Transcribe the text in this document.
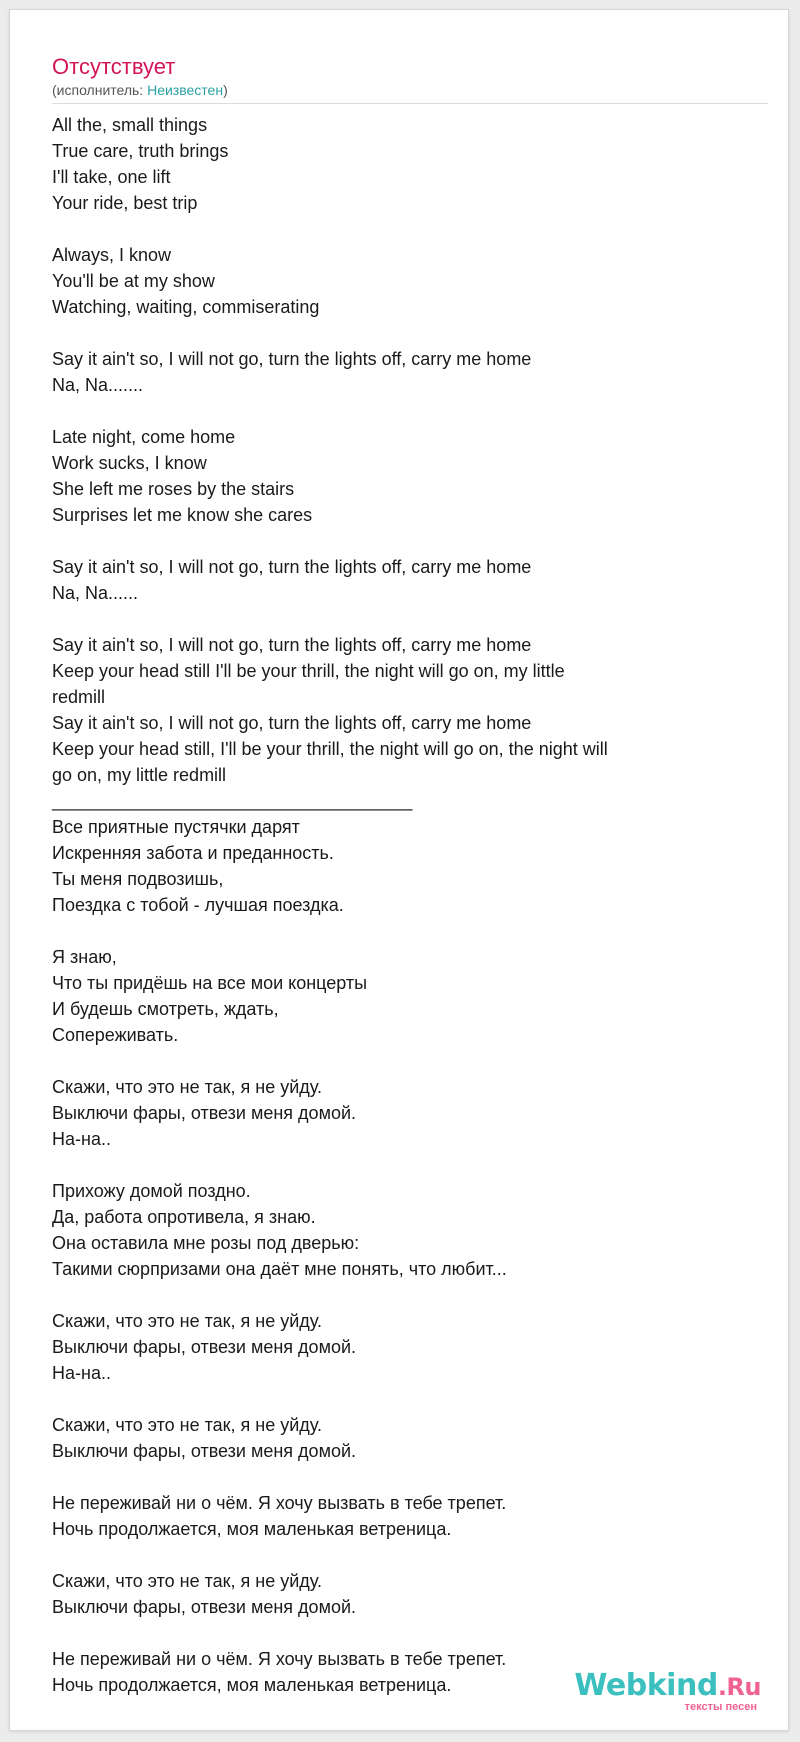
Отсутствует
(исполнитель: Неизвестен)
All the, small things
True care, truth brings
I'll take, one lift
Your ride, best trip
Always, I know
You'll be at my show
Watching, waiting, commiserating
Say it ain't so, I will not go, turn the lights off, carry me home
Na, Na.......
Late night, come home
Work sucks, I know
She left me roses by the stairs
Surprises let me know she cares
Say it ain't so, I will not go, turn the lights off, carry me home
Na, Na......
Say it ain't so, I will not go, turn the lights off, carry me home
Keep your head still I'll be your thrill, the night will go on, my little
redmill
Say it ain't so, I will not go, turn the lights off, carry me home
Keep your head still, I'll be your thrill, the night will go on, the night will
go on, my little redmill
____________________________________
Все приятные пустячки дарят
Искренняя забота и преданность.
Ты меня подвозишь,
Поездка с тобой - лучшая поездка.
Я знаю,
Что ты придёшь на все мои концерты
И будешь смотреть, ждать,
Сопереживать.
Скажи, что это не так, я не уйду.
Выключи фары, отвези меня домой.
На-на..
Прихожу домой поздно.
Да, работа опротивела, я знаю.
Она оставила мне розы под дверью:
Такими сюрпризами она даёт мне понять, что любит...
Скажи, что это не так, я не уйду.
Выключи фары, отвези меня домой.
На-на..
Скажи, что это не так, я не уйду.
Выключи фары, отвези меня домой.
Не переживай ни о чём. Я хочу вызвать в тебе трепет.
Ночь продолжается, моя маленькая ветреница.
Скажи, что это не так, я не уйду.
Выключи фары, отвези меня домой.
Не переживай ни о чём. Я хочу вызвать в тебе трепет.
Ночь продолжается, моя маленькая ветреница.	Webkind.Ru
тексты песен
